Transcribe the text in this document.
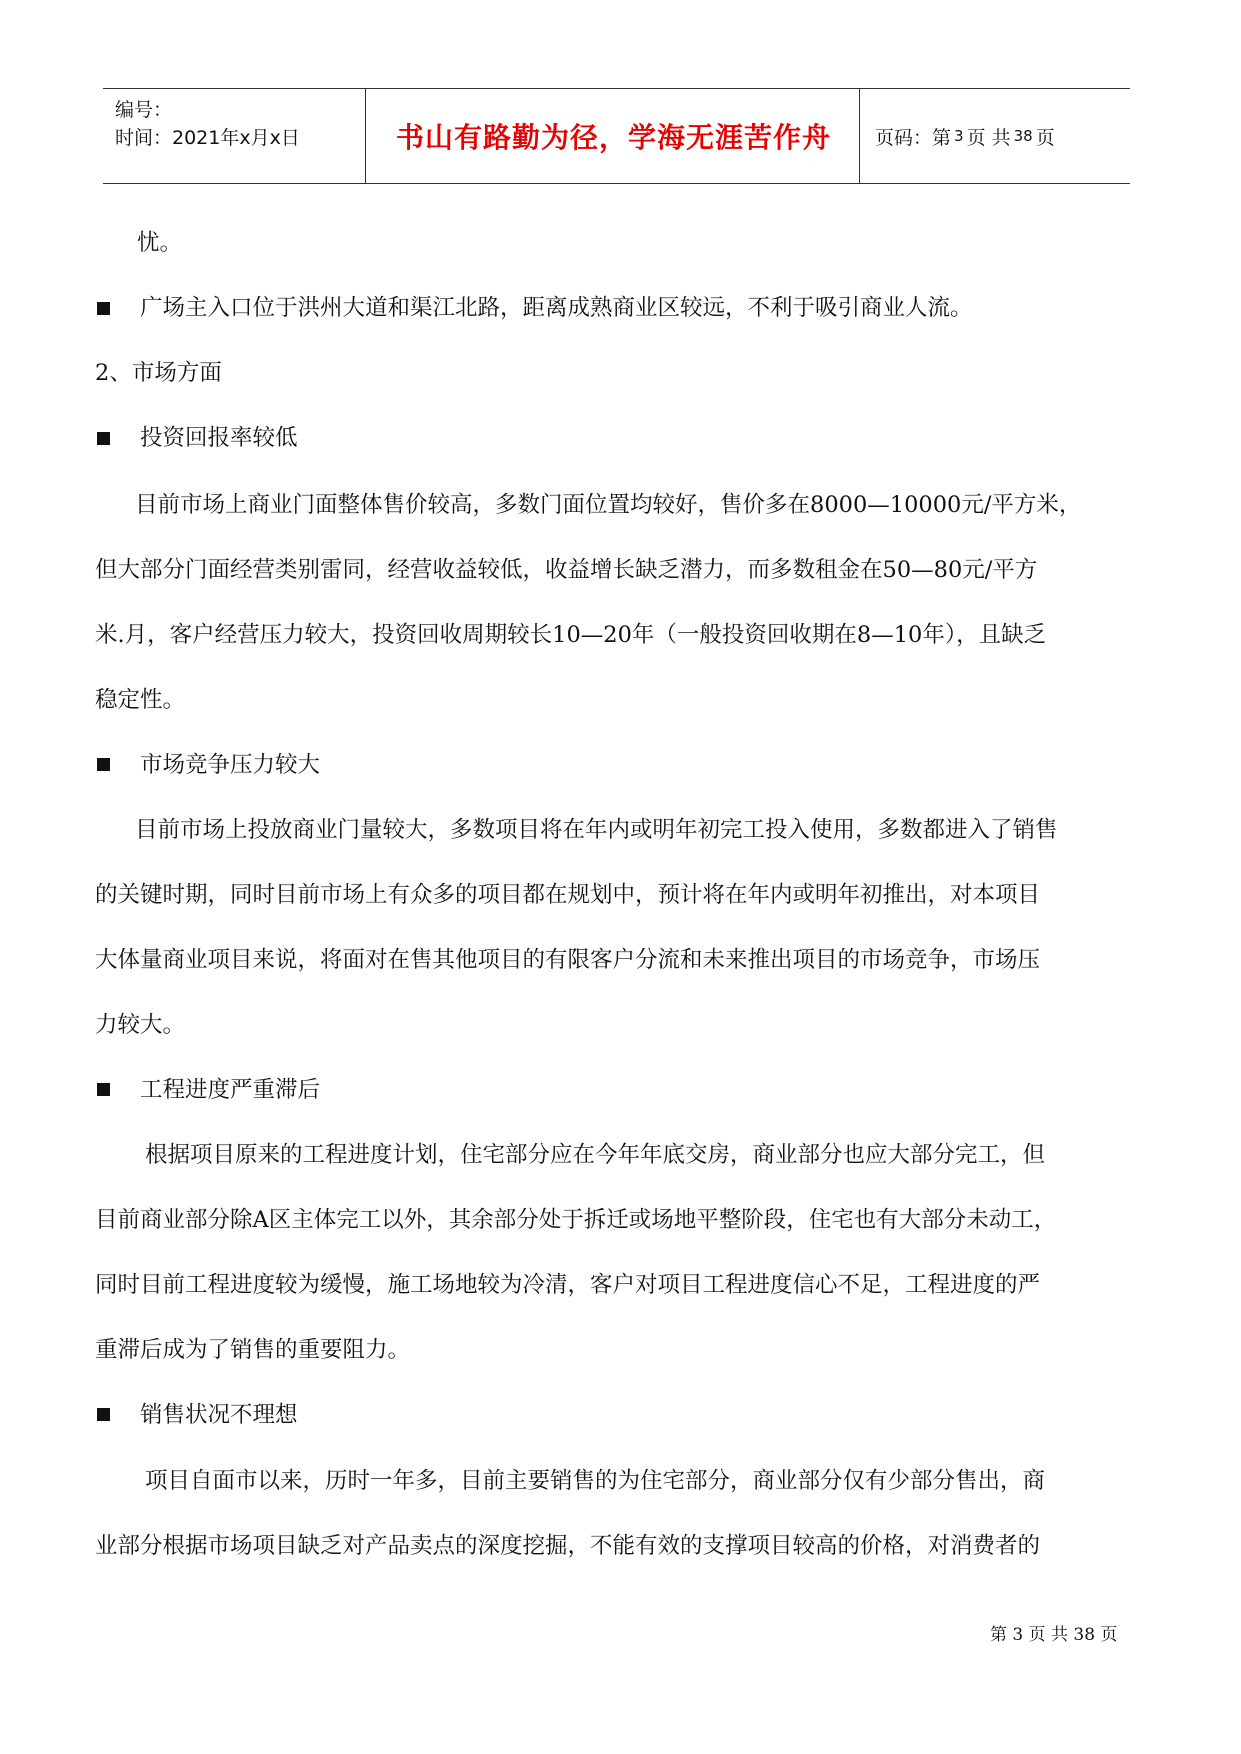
编号：
时间：2021年x月x日	书山有路勤为径，学海无涯苦作舟	页码：第 3 页 共 38 页
忧。
广场主入口位于洪州大道和渠江北路，距离成熟商业区较远，不利于吸引商业人流。
2、市场方面
投资回报率较低
目前市场上商业门面整体售价较高，多数门面位置均较好，售价多在8000—10000元/平方米，
但大部分门面经营类别雷同，经营收益较低，收益增长缺乏潜力，而多数租金在50—80元/平方
米.月，客户经营压力较大，投资回收周期较长10—20年（一般投资回收期在8—10年），且缺乏
稳定性。
市场竞争压力较大
目前市场上投放商业门量较大，多数项目将在年内或明年初完工投入使用，多数都进入了销售
的关键时期，同时目前市场上有众多的项目都在规划中，预计将在年内或明年初推出，对本项目
大体量商业项目来说，将面对在售其他项目的有限客户分流和未来推出项目的市场竞争，市场压
力较大。
工程进度严重滞后
根据项目原来的工程进度计划，住宅部分应在今年年底交房，商业部分也应大部分完工，但
目前商业部分除A区主体完工以外，其余部分处于拆迁或场地平整阶段，住宅也有大部分未动工，
同时目前工程进度较为缓慢，施工场地较为冷清，客户对项目工程进度信心不足，工程进度的严
重滞后成为了销售的重要阻力。
销售状况不理想
项目自面市以来，历时一年多，目前主要销售的为住宅部分，商业部分仅有少部分售出，商
业部分根据市场项目缺乏对产品卖点的深度挖掘，不能有效的支撑项目较高的价格，对消费者的
第 3 页 共 38 页
